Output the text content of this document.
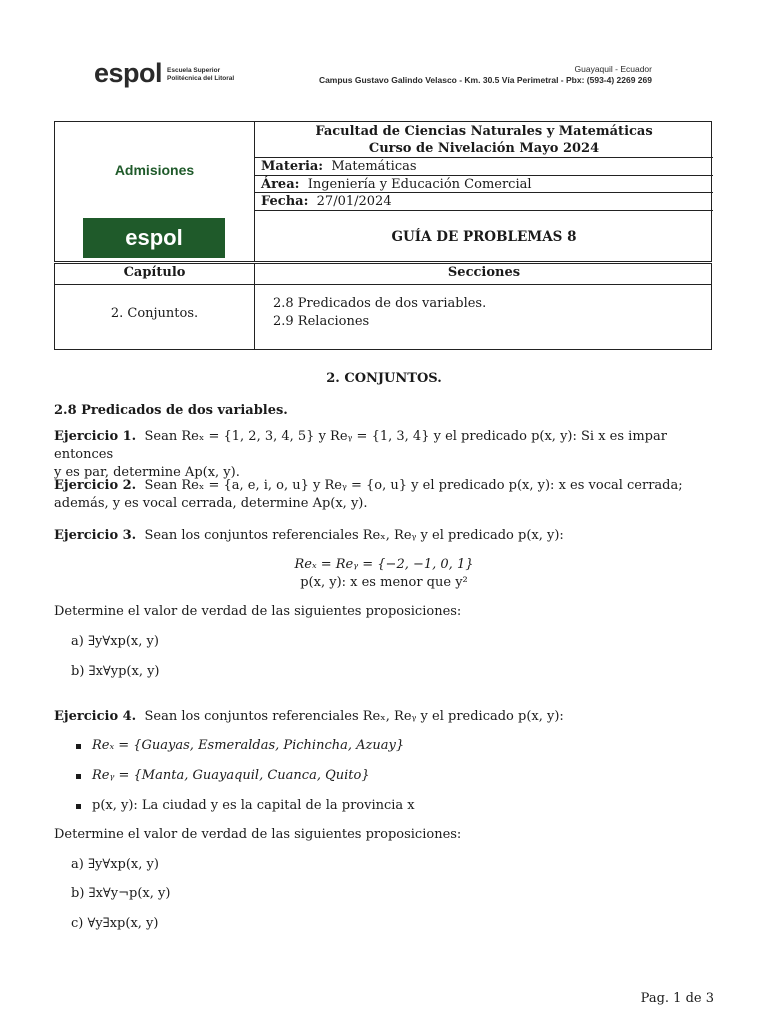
espol Escuela Superior
Politécnica del Litoral
Guayaquil - Ecuador
Campus Gustavo Galindo Velasco - Km. 30.5 Vía Perimetral - Pbx: (593-4) 2269 269
Admisiones
espol
Facultad de Ciencias Naturales y Matemáticas
Curso de Nivelación Mayo 2024
Materia: Matemáticas
Área: Ingeniería y Educación Comercial
Fecha: 27/01/2024
GUÍA DE PROBLEMAS 8
Capítulo	Secciones
2. Conjuntos.
2.8 Predicados de dos variables.
2.9 Relaciones
2. CONJUNTOS.
2.8 Predicados de dos variables.
Ejercicio 1. Sean Reₓ = {1, 2, 3, 4, 5} y Reᵧ = {1, 3, 4} y el predicado p(x, y): Si x es impar entonces
y es par, determine Ap(x, y).
Ejercicio 2. Sean Reₓ = {a, e, i, o, u} y Reᵧ = {o, u} y el predicado p(x, y): x es vocal cerrada;
además, y es vocal cerrada, determine Ap(x, y).
Ejercicio 3. Sean los conjuntos referenciales Reₓ, Reᵧ y el predicado p(x, y):
Reₓ = Reᵧ = {−2, −1, 0, 1}
p(x, y): x es menor que y²
Determine el valor de verdad de las siguientes proposiciones:
a) ∃y∀xp(x, y)
b) ∃x∀yp(x, y)
Ejercicio 4. Sean los conjuntos referenciales Reₓ, Reᵧ y el predicado p(x, y):
Reₓ = {Guayas, Esmeraldas, Pichincha, Azuay}
Reᵧ = {Manta, Guayaquil, Cuanca, Quito}
p(x, y): La ciudad y es la capital de la provincia x
Determine el valor de verdad de las siguientes proposiciones:
a) ∃y∀xp(x, y)
b) ∃x∀y¬p(x, y)
c) ∀y∃xp(x, y)
Pag. 1 de 3
